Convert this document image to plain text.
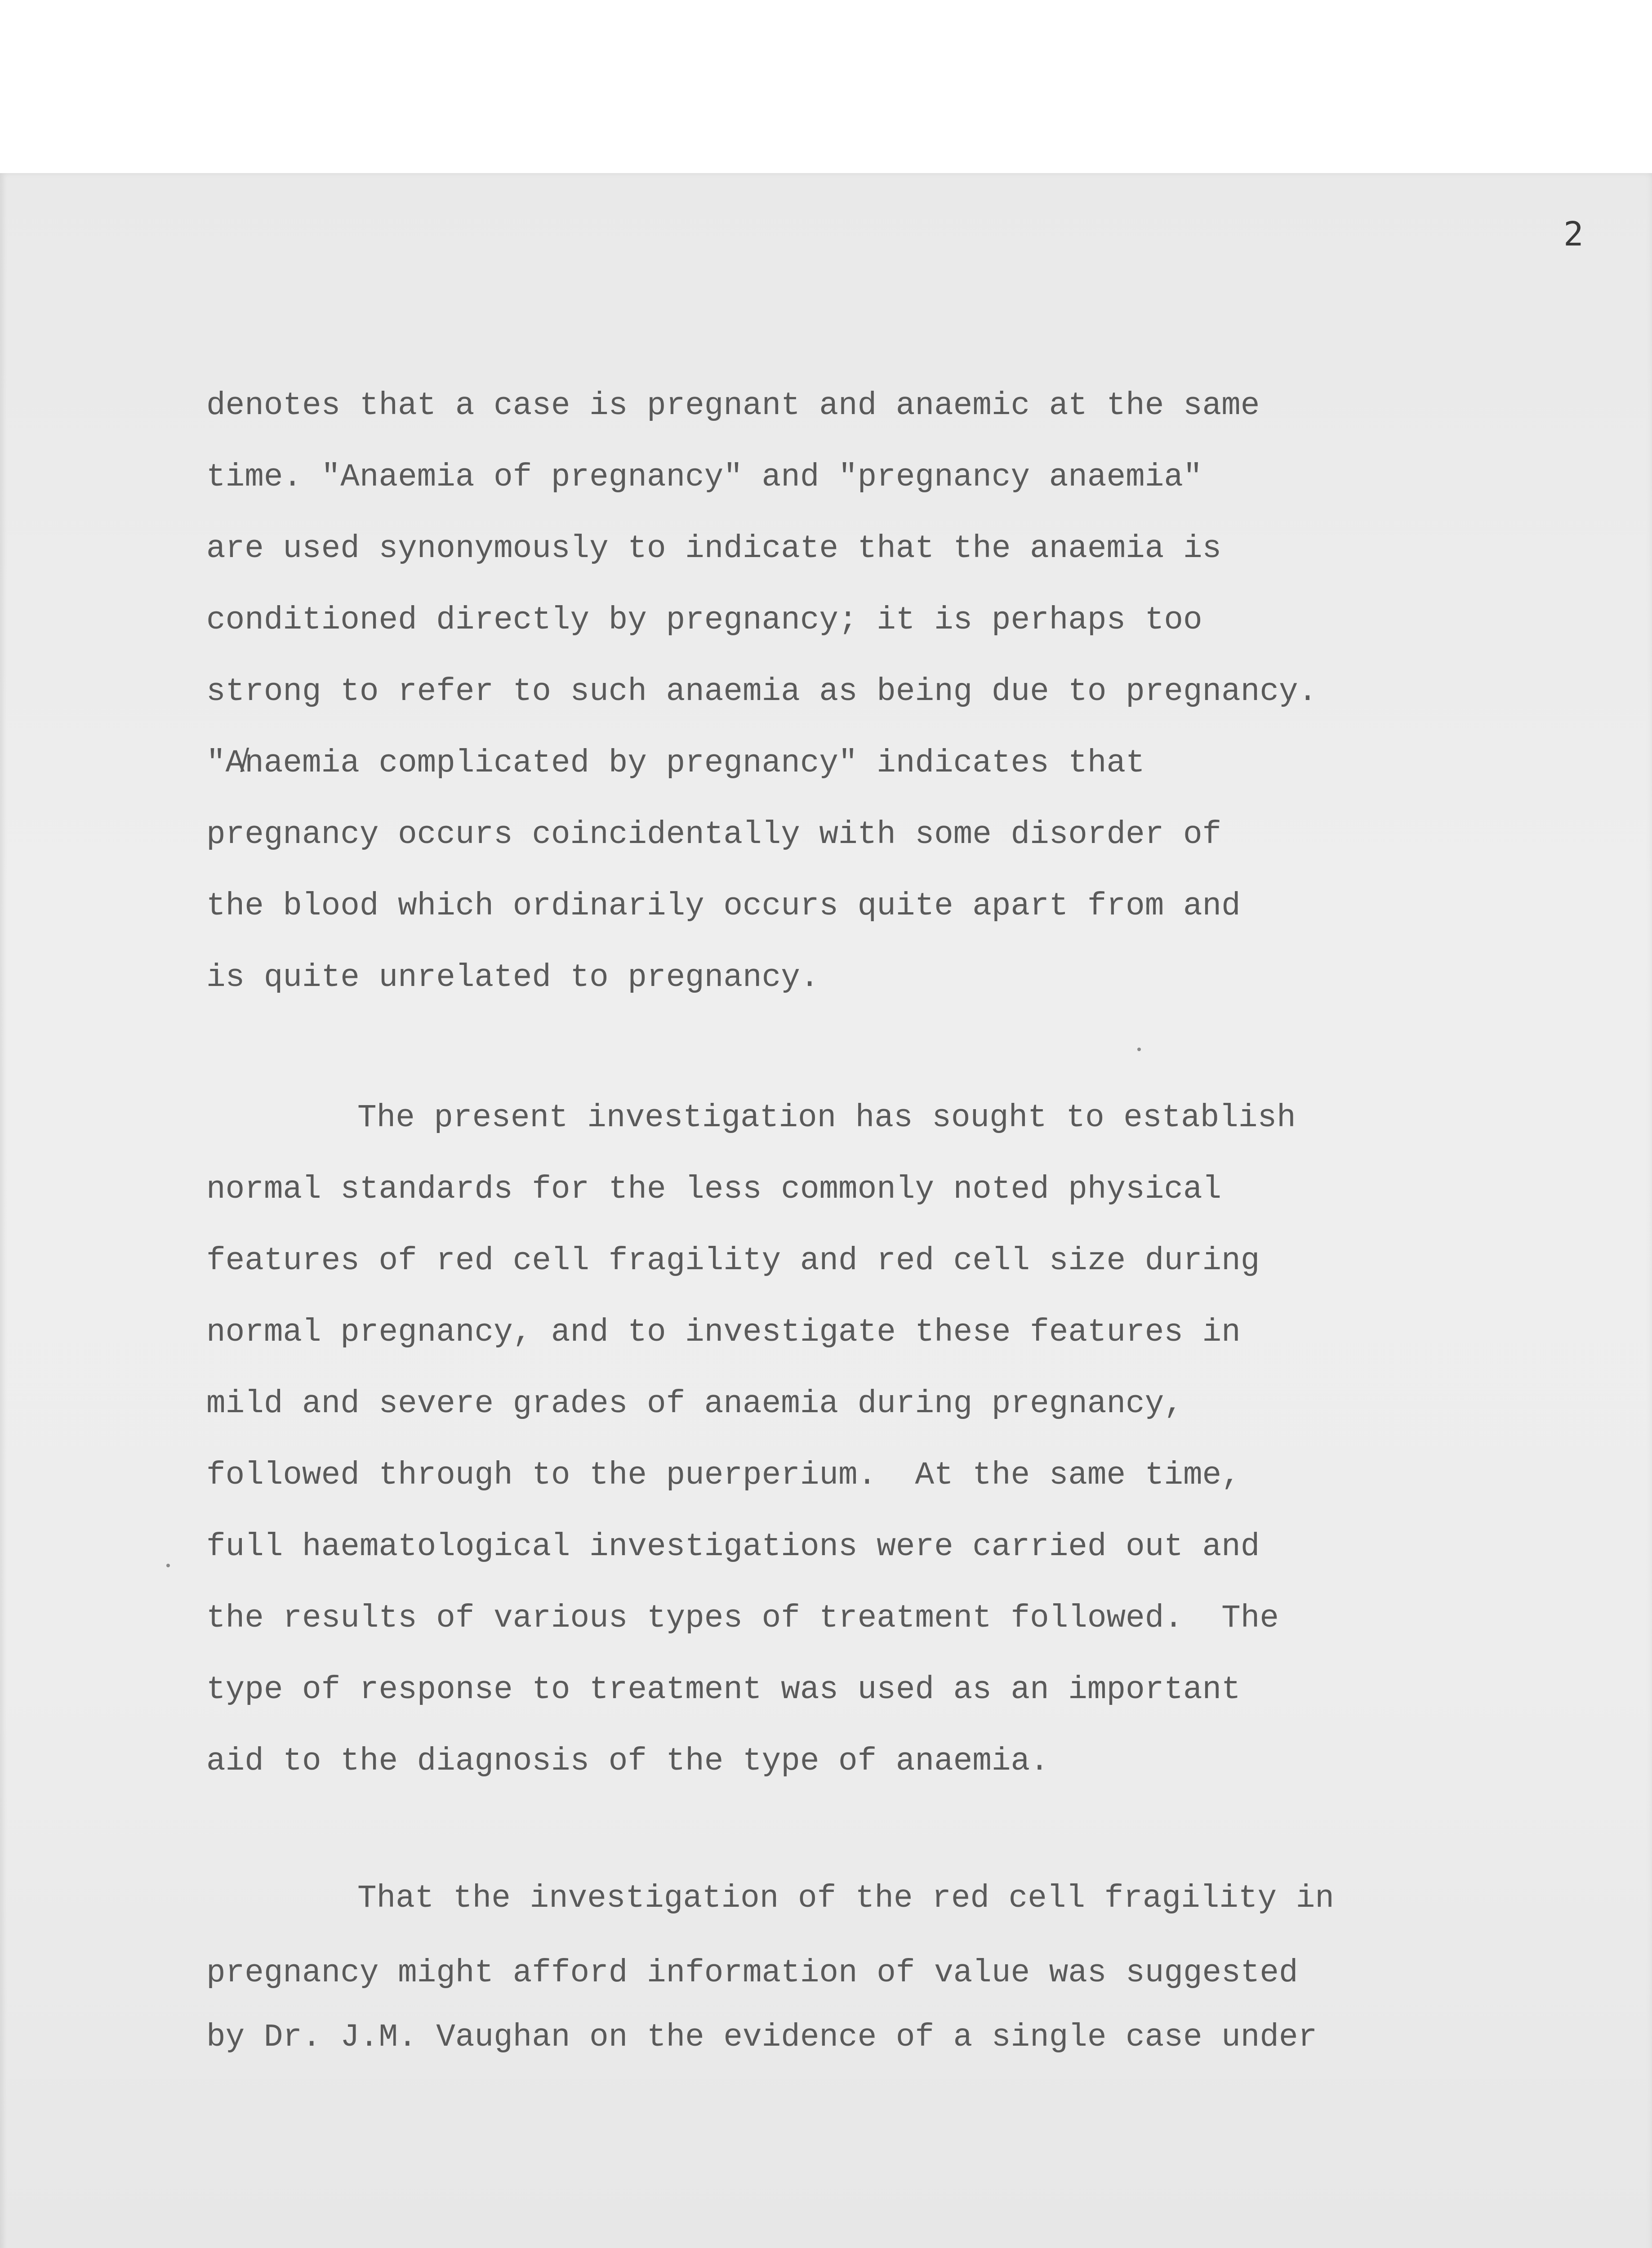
2

denotes that a case is pregnant and anaemic at the same

time. "Anaemia of pregnancy" and "pregnancy anaemia"

are used synonymously to indicate that the anaemia is

conditioned directly by pregnancy; it is perhaps too

strong to refer to such anaemia as being due to pregnancy.

"A̸naemia complicated by pregnancy" indicates that

pregnancy occurs coincidentally with some disorder of

the blood which ordinarily occurs quite apart from and

is quite unrelated to pregnancy.

The present investigation has sought to establish

normal standards for the less commonly noted physical

features of red cell fragility and red cell size during

normal pregnancy, and to investigate these features in

mild and severe grades of anaemia during pregnancy,

followed through to the puerperium.  At the same time,

full haematological investigations were carried out and

the results of various types of treatment followed.  The

type of response to treatment was used as an important

aid to the diagnosis of the type of anaemia.

That the investigation of the red cell fragility in

pregnancy might afford information of value was suggested

by Dr. J.M. Vaughan on the evidence of a single case under
